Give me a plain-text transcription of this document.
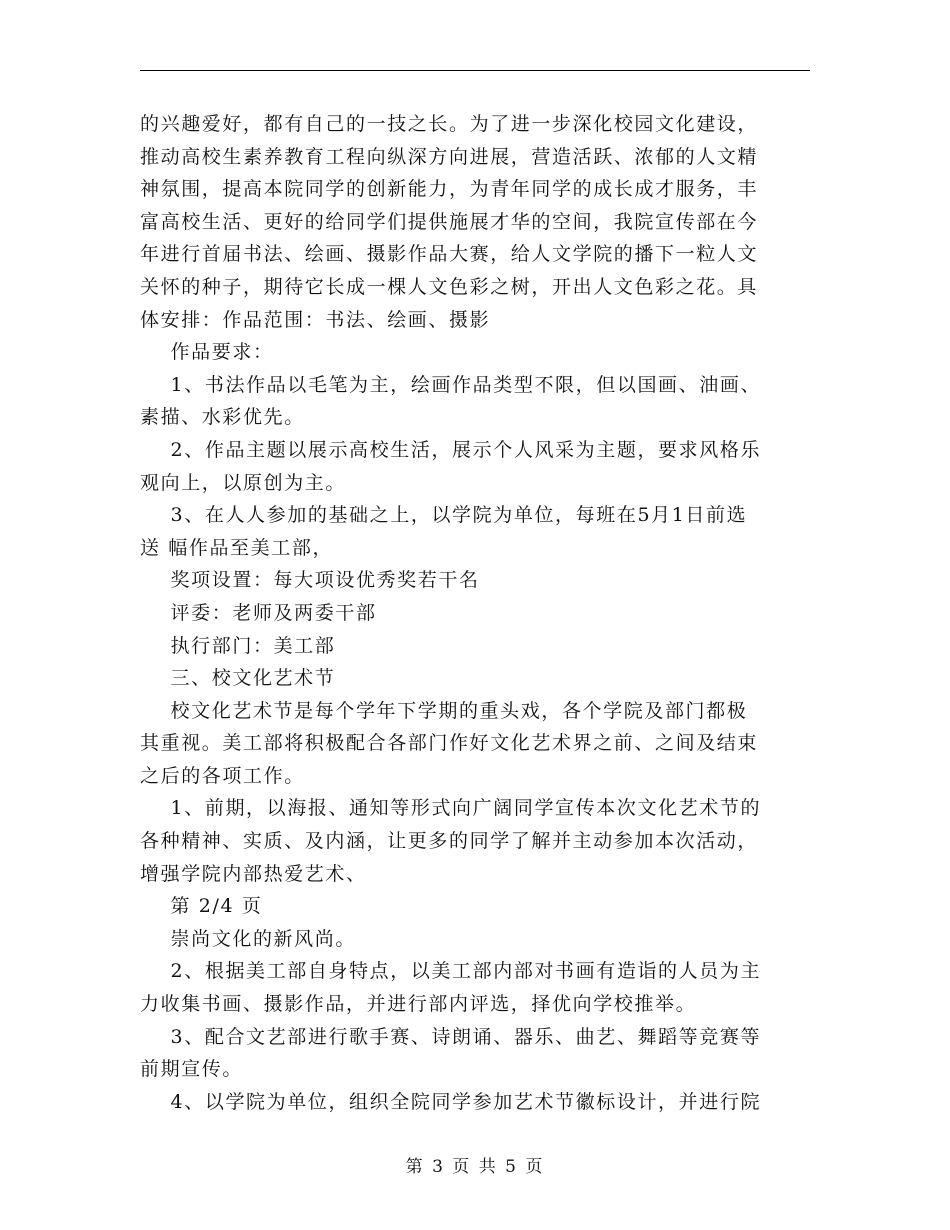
的兴趣爱好，都有自己的一技之长。为了进一步深化校园文化建设，
推动高校生素养教育工程向纵深方向进展，营造活跃、浓郁的人文精
神氛围，提高本院同学的创新能力，为青年同学的成长成才服务，丰
富高校生活、更好的给同学们提供施展才华的空间，我院宣传部在今
年进行首届书法、绘画、摄影作品大赛，给人文学院的播下一粒人文
关怀的种子，期待它长成一棵人文色彩之树，开出人文色彩之花。具
体安排：作品范围：书法、绘画、摄影
作品要求：
1、书法作品以毛笔为主，绘画作品类型不限，但以国画、油画、
素描、水彩优先。
2、作品主题以展示高校生活，展示个人风采为主题，要求风格乐
观向上，以原创为主。
3、在人人参加的基础之上，以学院为单位，每班在5月1日前选
送 幅作品至美工部，
奖项设置：每大项设优秀奖若干名
评委：老师及两委干部
执行部门：美工部
三、校文化艺术节
校文化艺术节是每个学年下学期的重头戏，各个学院及部门都极
其重视。美工部将积极配合各部门作好文化艺术界之前、之间及结束
之后的各项工作。
1、前期，以海报、通知等形式向广阔同学宣传本次文化艺术节的
各种精神、实质、及内涵，让更多的同学了解并主动参加本次活动，
增强学院内部热爱艺术、
第 2/4 页
崇尚文化的新风尚。
2、根据美工部自身特点，以美工部内部对书画有造诣的人员为主
力收集书画、摄影作品，并进行部内评选，择优向学校推举。
3、配合文艺部进行歌手赛、诗朗诵、器乐、曲艺、舞蹈等竞赛等
前期宣传。
4、以学院为单位，组织全院同学参加艺术节徽标设计，并进行院
第 3 页 共 5 页
